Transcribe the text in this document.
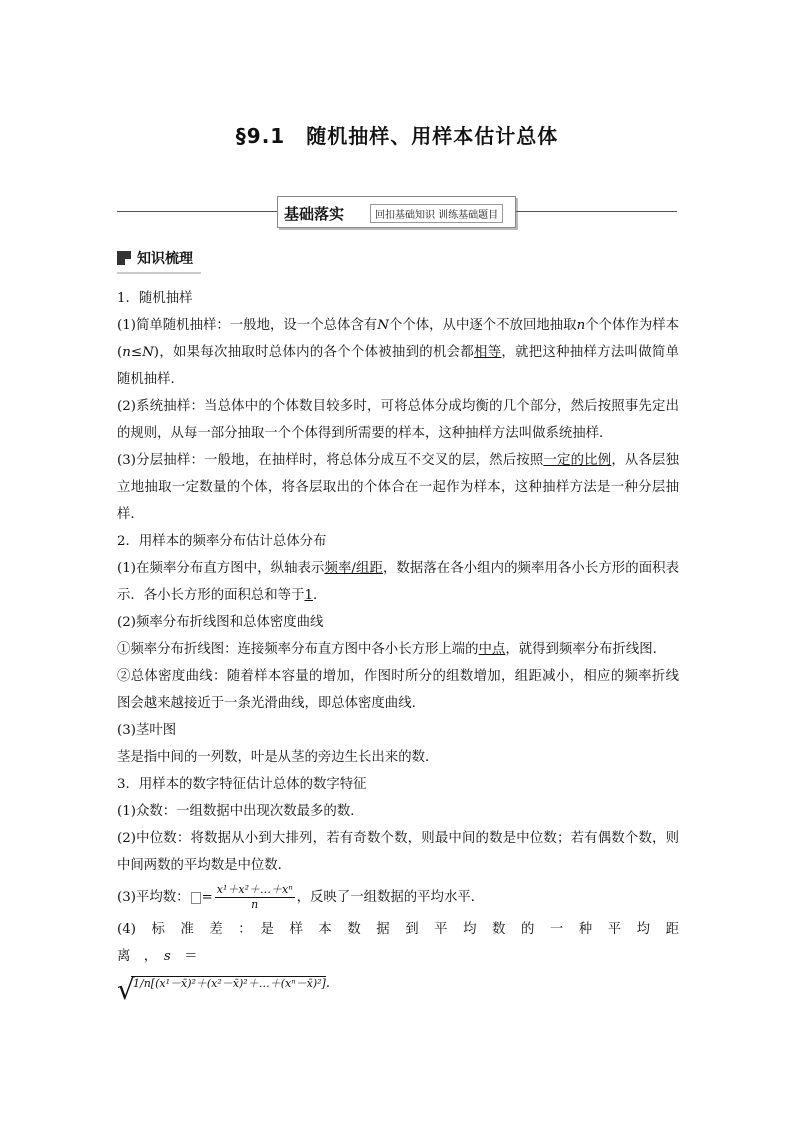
§9.1　随机抽样、用样本估计总体
基础落实	回扣基础知识 训练基础题目
知识梳理

1．随机抽样

(1)简单随机抽样：一般地，设一个总体含有N个个体，从中逐个不放回地抽取n个个体作为样本(n≤N)，如果每次抽取时总体内的各个个体被抽到的机会都相等，就把这种抽样方法叫做简单随机抽样．

(2)系统抽样：当总体中的个体数目较多时，可将总体分成均衡的几个部分，然后按照事先定出的规则，从每一部分抽取一个个体得到所需要的样本，这种抽样方法叫做系统抽样．

(3)分层抽样：一般地，在抽样时，将总体分成互不交叉的层，然后按照一定的比例，从各层独立地抽取一定数量的个体，将各层取出的个体合在一起作为样本，这种抽样方法是一种分层抽样．

2．用样本的频率分布估计总体分布

(1)在频率分布直方图中，纵轴表示频率/组距，数据落在各小组内的频率用各小长方形的面积表示．各小长方形的面积总和等于1．

(2)频率分布折线图和总体密度曲线

①频率分布折线图：连接频率分布直方图中各小长方形上端的中点，就得到频率分布折线图．

②总体密度曲线：随着样本容量的增加，作图时所分的组数增加，组距减小，相应的频率折线图会越来越接近于一条光滑曲线，即总体密度曲线．

(3)茎叶图

茎是指中间的一列数，叶是从茎的旁边生长出来的数．

3．用样本的数字特征估计总体的数字特征

(1)众数：一组数据中出现次数最多的数．

(2)中位数：将数据从小到大排列，若有奇数个数，则最中间的数是中位数；若有偶数个数，则中间两数的平均数是中位数．

(3)平均数： = $\frac{\text{x¹＋x²＋…＋xⁿ}}{n}$ ，反映了一组数据的平均水平．

(4)　标　准　差　：　是　样　本　数　据　到　平　均　数　的　一　种　平　均　距　离　，　s　＝

√
1/n[(x¹－x̄)²＋(x²－x̄)²＋…＋(xⁿ－x̄)²]．
